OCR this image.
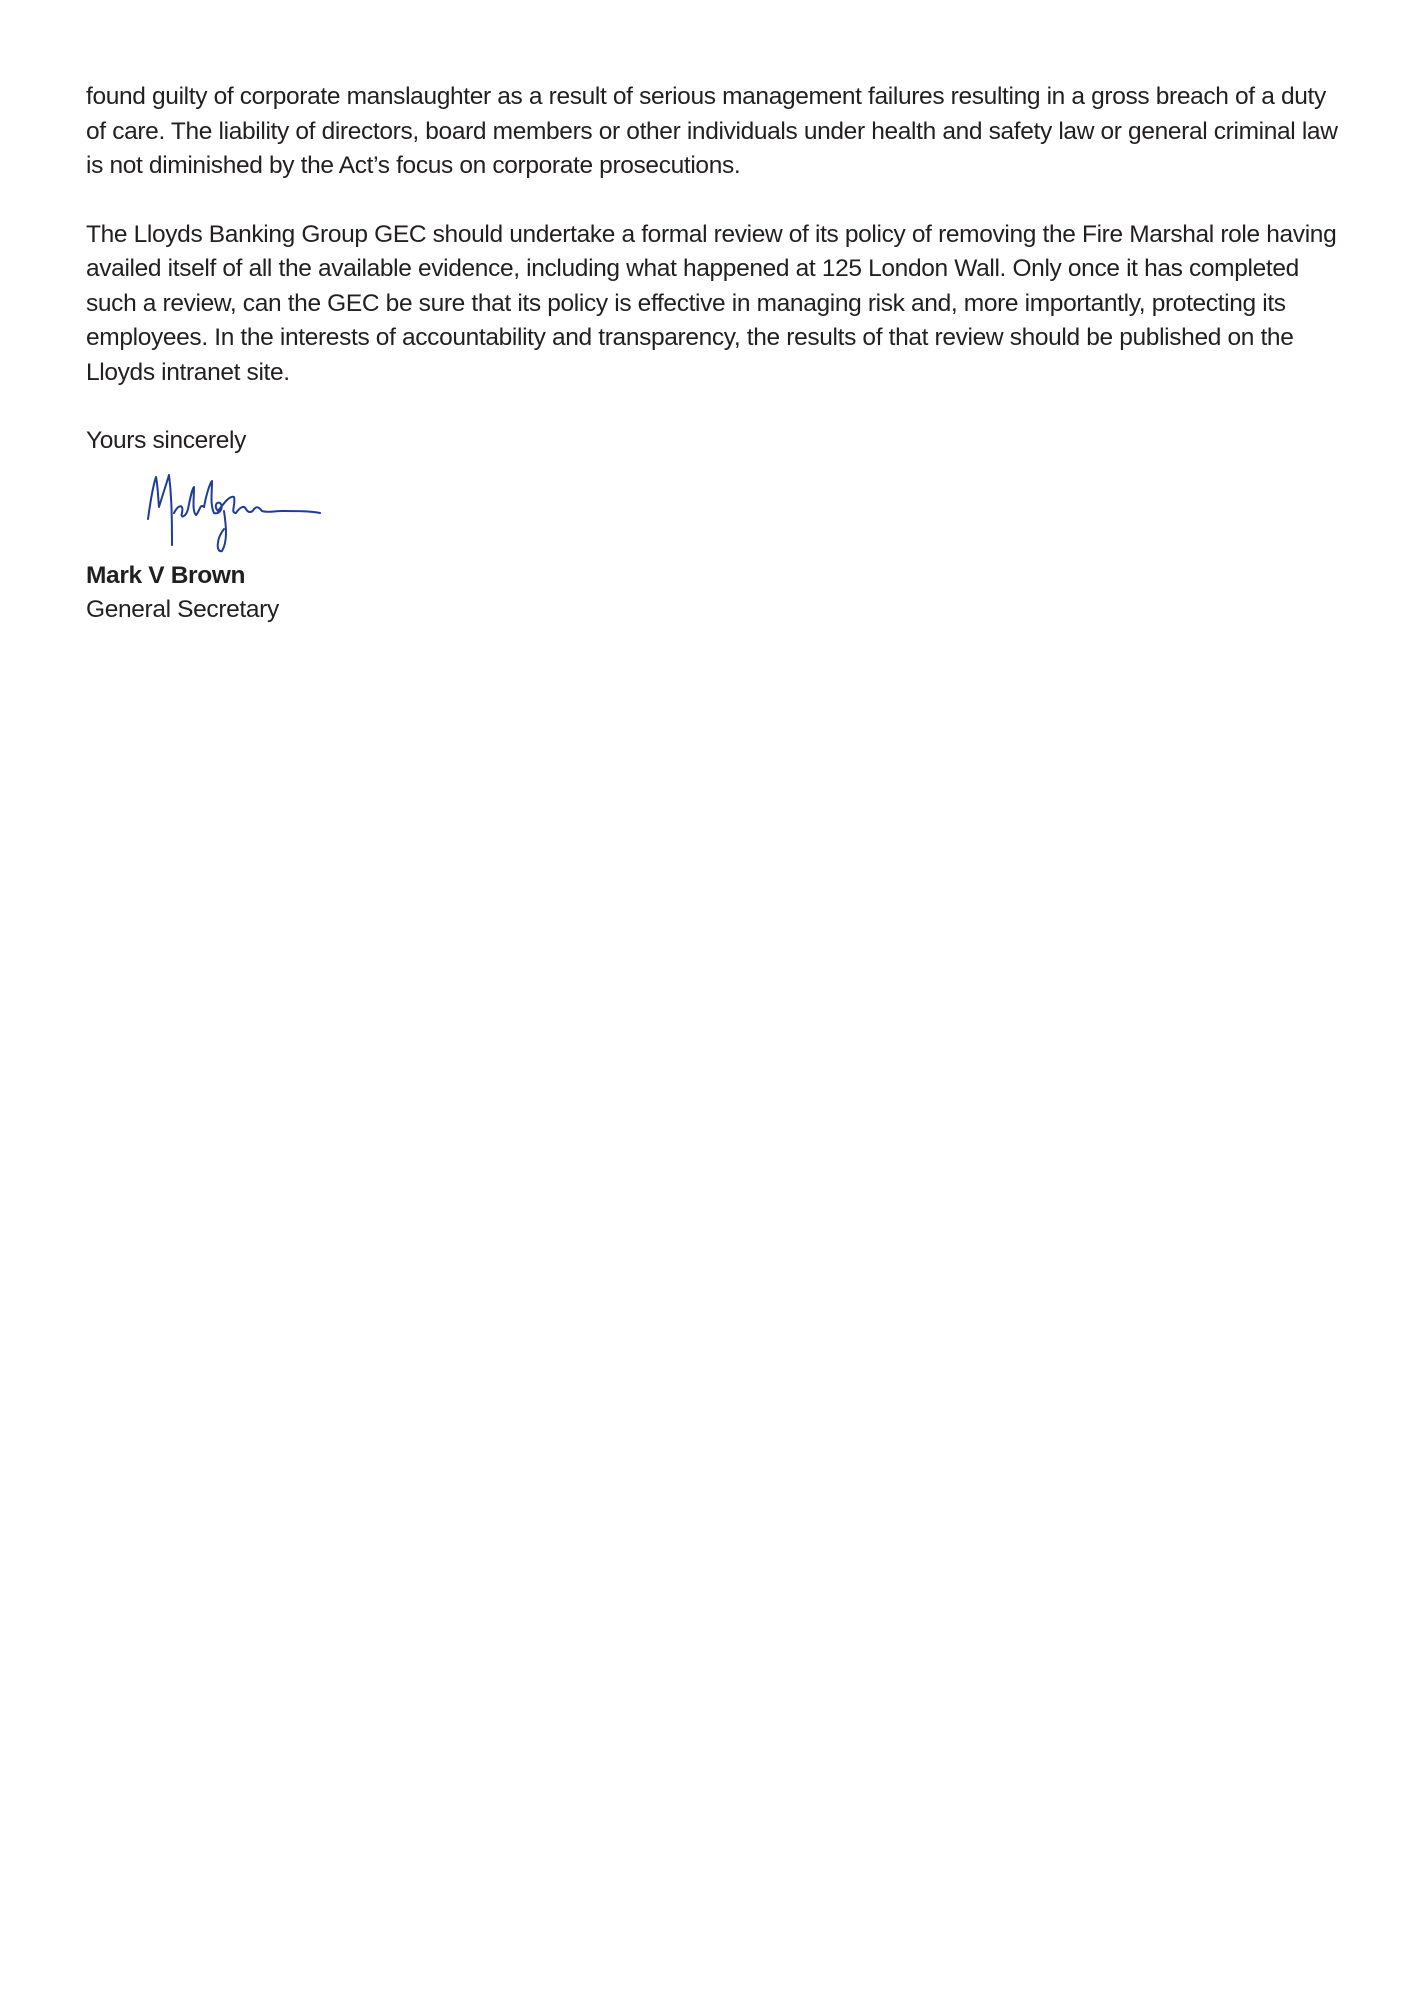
found guilty of corporate manslaughter as a result of serious management failures resulting in a gross breach of a duty
of care. The liability of directors, board members or other individuals under health and safety law or general criminal law
is not diminished by the Act’s focus on corporate prosecutions.

The Lloyds Banking Group GEC should undertake a formal review of its policy of removing the Fire Marshal role having
availed itself of all the available evidence, including what happened at 125 London Wall. Only once it has completed
such a review, can the GEC be sure that its policy is effective in managing risk and, more importantly, protecting its
employees. In the interests of accountability and transparency, the results of that review should be published on the
Lloyds intranet site.

Yours sincerely

Mark V Brown

General Secretary
